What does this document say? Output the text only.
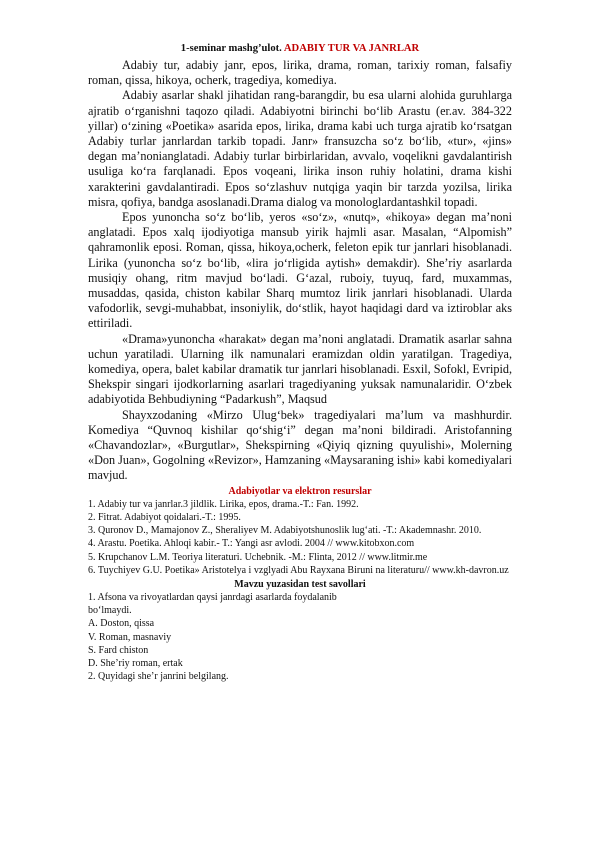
1-seminar mashg’ulot. ADABIY TUR VA JANRLAR

Adabiy tur, adabiy janr, epos, lirika, drama, roman, tarixiy roman, falsafiy roman, qissa, hikoya, ocherk, tragediya, komediya.

Adabiy asarlar shakl jihatidan rang-barangdir, bu esa ularni alohida guruhlarga ajratib o‘rganishni taqozo qiladi. Adabiyotni birinchi bo‘lib Arastu (er.av. 384-322 yillar) o‘zining «Poetika» asarida epos, lirika, drama kabi uch turga ajratib ko‘rsatgan Adabiy turlar janrlardan tarkib topadi. Janr» fransuzcha so‘z bo‘lib, «tur», «jins» degan ma’nonianglatadi. Adabiy turlar birbirlaridan, avvalo, voqelikni gavdalantirish usuliga ko‘ra farqlanadi. Epos voqeani, lirika inson ruhiy holatini, drama kishi xarakterini gavdalantiradi. Epos so‘zlashuv nutqiga yaqin bir tarzda yozilsa, lirika misra, qofiya, bandga asoslanadi.Drama dialog va monologlardantashkil topadi.

Epos yunoncha so‘z bo‘lib, yeros «so‘z», «nutq», «hikoya» degan ma’noni anglatadi. Epos xalq ijodiyotiga mansub yirik hajmli asar. Masalan, “Alpomish” qahramonlik eposi. Roman, qissa, hikoya,ocherk, feleton epik tur janrlari hisoblanadi. Lirika (yunoncha so‘z bo‘lib, «lira jo‘rligida aytish» demakdir). She’riy asarlarda musiqiy ohang, ritm mavjud bo‘ladi. G‘azal, ruboiy, tuyuq, fard, muxammas, musaddas, qasida, chiston kabilar Sharq mumtoz lirik janrlari hisoblanadi. Ularda vafodorlik, sevgi-muhabbat, insoniylik, do‘stlik, hayot haqidagi dard va iztiroblar aks ettiriladi.

«Drama»yunoncha «harakat» degan ma’noni anglatadi. Dramatik asarlar sahna uchun yaratiladi. Ularning ilk namunalari eramizdan oldin yaratilgan. Tragediya, komediya, opera, balet kabilar dramatik tur janrlari hisoblanadi. Esxil, Sofokl, Evripid, Shekspir singari ijodkorlarning asarlari tragediyaning yuksak namunalaridir. O‘zbek adabiyotida Behbudiyning “Padarkush”, Maqsud

Shayxzodaning «Mirzo Ulug‘bek» tragediyalari ma’lum va mashhurdir. Komediya “Quvnoq kishilar qo‘shig‘i” degan ma’noni bildiradi. Aristofanning «Chavandozlar», «Burgutlar», Shekspirning «Qiyiq qizning quyulishi», Molerning «Don Juan», Gogolning «Revizor», Hamzaning «Maysaraning ishi» kabi komediyalari mavjud.

Adabiyotlar va elektron resurslar

1. Adabiy tur va janrlar.3 jildlik. Lirika, epos, drama.-T.: Fan. 1992.

2. Fitrat. Adabiyot qoidalari.-T.: 1995.

3. Quronov D., Mamajonov Z., Sheraliyev M. Adabiyotshunoslik lug‘ati. -T.: Akademnashr. 2010.

4. Arastu. Poetika. Ahloqi kabir.- T.: Yangi asr avlodi. 2004 // www.kitobxon.com

5. Krupchanov L.M. Teoriya literaturi. Uchebnik. -M.: Flinta, 2012 // www.litmir.me

6. Tuychiyev G.U. Poetika» Aristotelya i vzglyadi Abu Rayxana Biruni na literaturu// www.kh-davron.uz

Mavzu yuzasidan test savollari

1. Afsona va rivoyatlardan qaysi janrdagi asarlarda foydalanib

bo‘lmaydi.

A. Doston, qissa

V. Roman, masnaviy

S. Fard chiston

D. She’riy roman, ertak

2. Quyidagi she’r janrini belgilang.
